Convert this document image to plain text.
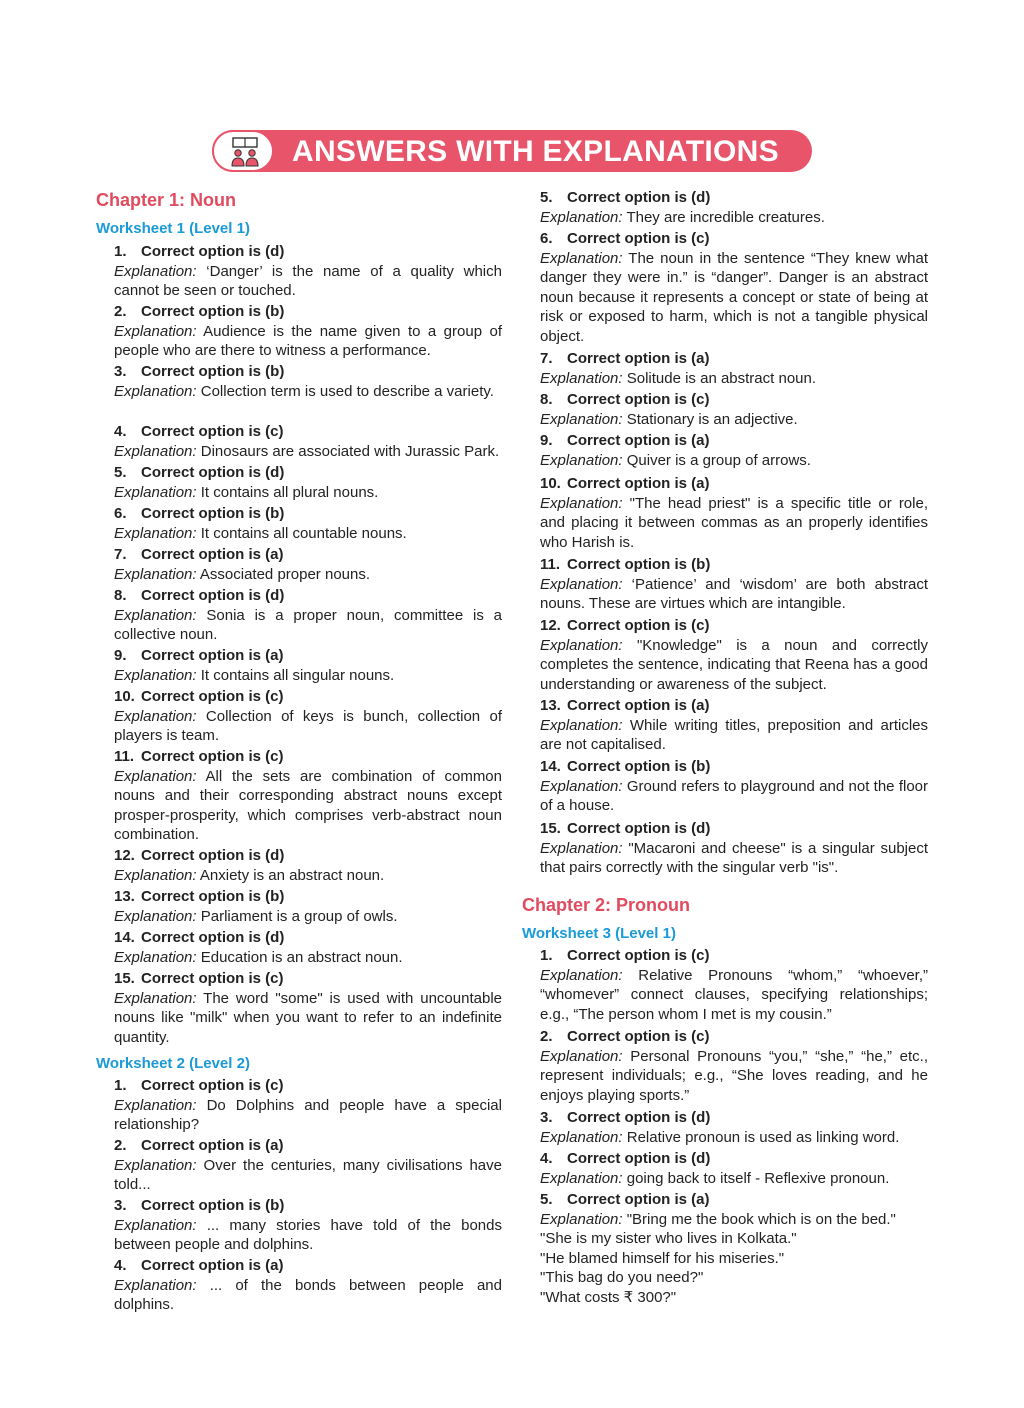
ANSWERS WITH EXPLANATIONS
Chapter 1: Noun
Worksheet 1 (Level 1)
1. Correct option is (d)
Explanation: ‘Danger’ is the name of a quality which cannot be seen or touched.
2. Correct option is (b)
Explanation: Audience is the name given to a group of people who are there to witness a performance.
3. Correct option is (b)
Explanation: Collection term is used to describe a variety.
4. Correct option is (c)
Explanation: Dinosaurs are associated with Jurassic Park.
5. Correct option is (d)
Explanation: It contains all plural nouns.
6. Correct option is (b)
Explanation: It contains all countable nouns.
7. Correct option is (a)
Explanation: Associated proper nouns.
8. Correct option is (d)
Explanation: Sonia is a proper noun, committee is a collective noun.
9. Correct option is (a)
Explanation: It contains all singular nouns.
10. Correct option is (c)
Explanation: Collection of keys is bunch, collection of players is team.
11. Correct option is (c)
Explanation: All the sets are combination of common nouns and their corresponding abstract nouns except prosper-prosperity, which comprises verb-abstract noun combination.
12. Correct option is (d)
Explanation: Anxiety is an abstract noun.
13. Correct option is (b)
Explanation: Parliament is a group of owls.
14. Correct option is (d)
Explanation: Education is an abstract noun.
15. Correct option is (c)
Explanation: The word "some" is used with uncountable nouns like "milk" when you want to refer to an indefinite quantity.
Worksheet 2 (Level 2)
1. Correct option is (c)
Explanation: Do Dolphins and people have a special relationship?
2. Correct option is (a)
Explanation: Over the centuries, many civilisations have told...
3. Correct option is (b)
Explanation: ... many stories have told of the bonds between people and dolphins.
4. Correct option is (a)
Explanation: ... of the bonds between people and dolphins.
5. Correct option is (d)
Explanation: They are incredible creatures.
6. Correct option is (c)
Explanation: The noun in the sentence “They knew what danger they were in.” is “danger”. Danger is an abstract noun because it represents a concept or state of being at risk or exposed to harm, which is not a tangible physical object.
7. Correct option is (a)
Explanation: Solitude is an abstract noun.
8. Correct option is (c)
Explanation: Stationary is an adjective.
9. Correct option is (a)
Explanation: Quiver is a group of arrows.
10. Correct option is (a)
Explanation: "The head priest" is a specific title or role, and placing it between commas as an properly identifies who Harish is.
11. Correct option is (b)
Explanation: ‘Patience’ and ‘wisdom’ are both abstract nouns. These are virtues which are intangible.
12. Correct option is (c)
Explanation: "Knowledge" is a noun and correctly completes the sentence, indicating that Reena has a good understanding or awareness of the subject.
13. Correct option is (a)
Explanation: While writing titles, preposition and articles are not capitalised.
14. Correct option is (b)
Explanation: Ground refers to playground and not the floor of a house.
15. Correct option is (d)
Explanation: "Macaroni and cheese" is a singular subject that pairs correctly with the singular verb "is".
Chapter 2: Pronoun
Worksheet 3 (Level 1)
1. Correct option is (c)
Explanation: Relative Pronouns “whom,” “whoever,” “whomever” connect clauses, specifying relationships; e.g., “The person whom I met is my cousin.”
2. Correct option is (c)
Explanation: Personal Pronouns “you,” “she,” “he,” etc., represent individuals; e.g., “She loves reading, and he enjoys playing sports.”
3. Correct option is (d)
Explanation: Relative pronoun is used as linking word.
4. Correct option is (d)
Explanation: going back to itself - Reflexive pronoun.
5. Correct option is (a)
Explanation: "Bring me the book which is on the bed."
"She is my sister who lives in Kolkata."
"He blamed himself for his miseries."
"This bag do you need?"
"What costs ₹ 300?"
